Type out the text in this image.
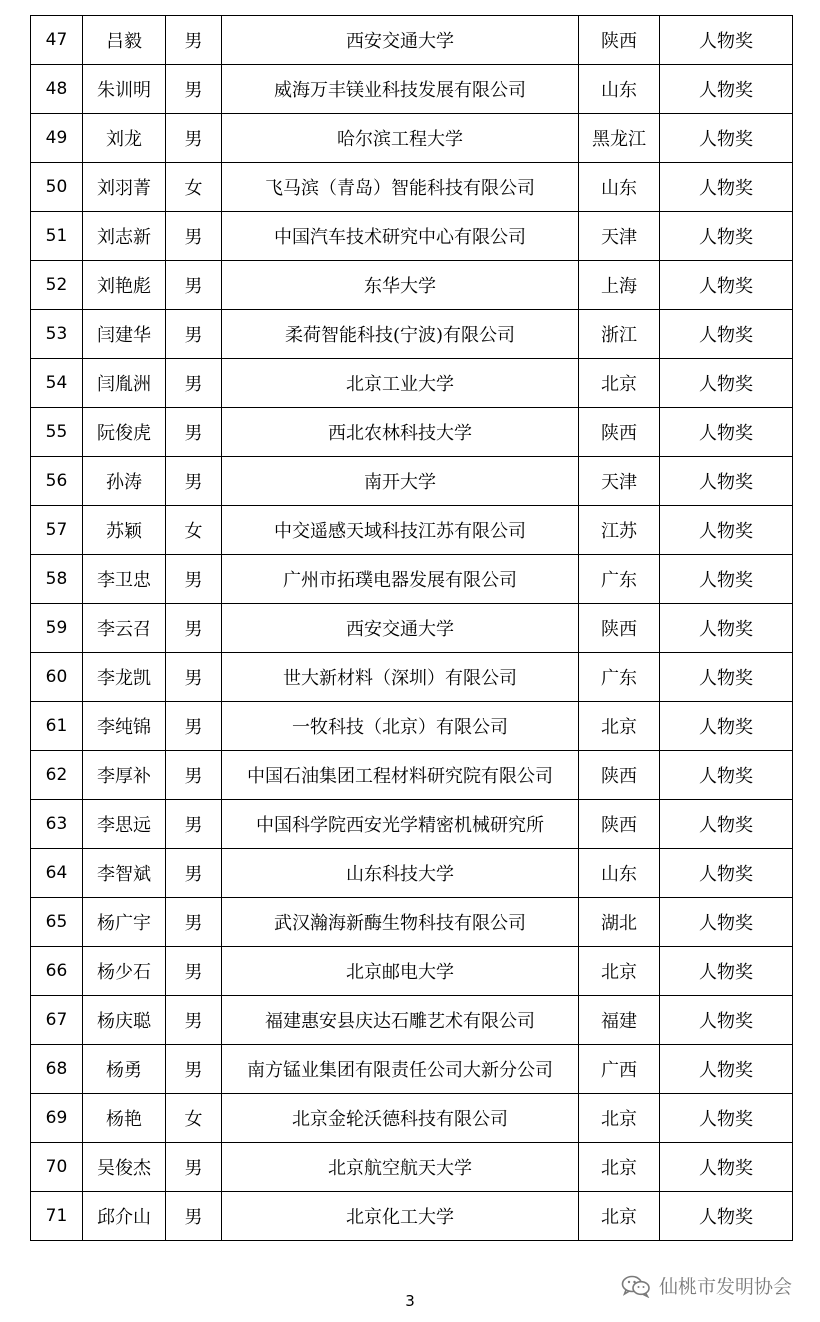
47	吕毅	男	西安交通大学	陕西	人物奖
48	朱训明	男	威海万丰镁业科技发展有限公司	山东	人物奖
49	刘龙	男	哈尔滨工程大学	黑龙江	人物奖
50	刘羽菁	女	飞马滨（青岛）智能科技有限公司	山东	人物奖
51	刘志新	男	中国汽车技术研究中心有限公司	天津	人物奖
52	刘艳彪	男	东华大学	上海	人物奖
53	闫建华	男	柔荷智能科技(宁波)有限公司	浙江	人物奖
54	闫胤洲	男	北京工业大学	北京	人物奖
55	阮俊虎	男	西北农林科技大学	陕西	人物奖
56	孙涛	男	南开大学	天津	人物奖
57	苏颖	女	中交遥感天域科技江苏有限公司	江苏	人物奖
58	李卫忠	男	广州市拓璞电器发展有限公司	广东	人物奖
59	李云召	男	西安交通大学	陕西	人物奖
60	李龙凯	男	世大新材料（深圳）有限公司	广东	人物奖
61	李纯锦	男	一牧科技（北京）有限公司	北京	人物奖
62	李厚补	男	中国石油集团工程材料研究院有限公司	陕西	人物奖
63	李思远	男	中国科学院西安光学精密机械研究所	陕西	人物奖
64	李智斌	男	山东科技大学	山东	人物奖
65	杨广宇	男	武汉瀚海新酶生物科技有限公司	湖北	人物奖
66	杨少石	男	北京邮电大学	北京	人物奖
67	杨庆聪	男	福建惠安县庆达石雕艺术有限公司	福建	人物奖
68	杨勇	男	南方锰业集团有限责任公司大新分公司	广西	人物奖
69	杨艳	女	北京金轮沃德科技有限公司	北京	人物奖
70	吴俊杰	男	北京航空航天大学	北京	人物奖
71	邱介山	男	北京化工大学	北京	人物奖
仙桃市发明协会
3
